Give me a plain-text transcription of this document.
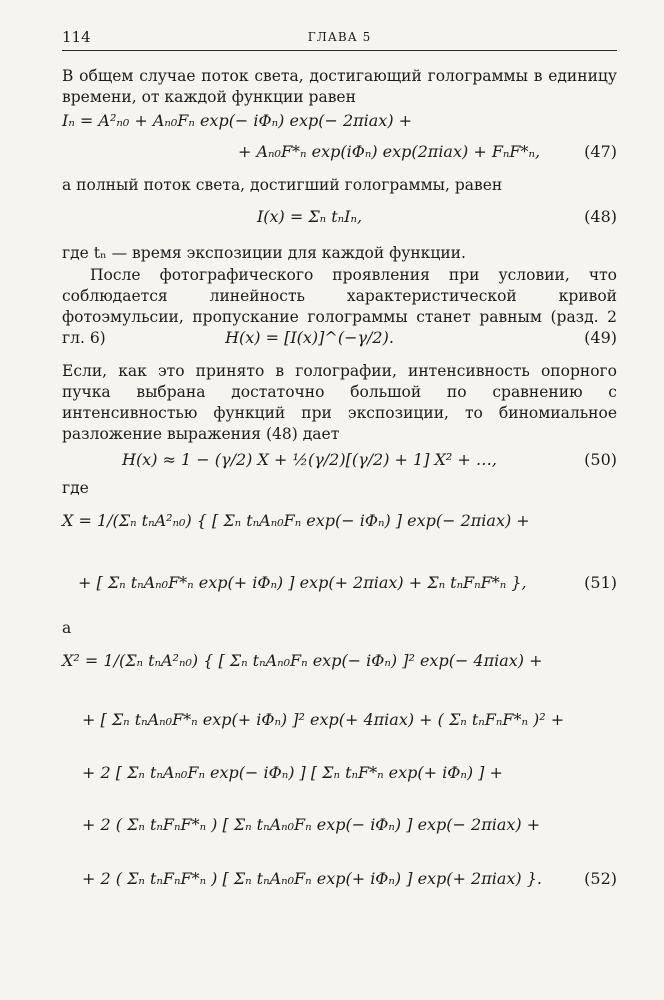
114	ГЛАВА 5
В общем случае поток света, достигающий голограммы в единицу времени, от каждой функции равен
Iₙ = A²ₙ₀ + Aₙ₀Fₙ exp(− iΦₙ) exp(− 2πiax) +
+ Aₙ₀F*ₙ exp(iΦₙ) exp(2πiax) + FₙF*ₙ,	(47)
а полный поток света, достигший голограммы, равен
I(x) = Σₙ tₙIₙ,	(48)
где tₙ — время экспозиции для каждой функции.
После фотографического проявления при условии, что соблюдается линейность характеристической кривой фотоэмульсии, пропускание голограммы станет равным (разд. 2 гл. 6)	H(x) = [I(x)]^(−γ/2).	(49)
Если, как это принято в голографии, интенсивность опорного пучка выбрана достаточно большой по сравнению с интенсивностью функций при экспозиции, то биномиальное разложение выражения (48) дает
H(x) ≈ 1 − (γ/2) X + ½(γ/2)[(γ/2) + 1] X² + …,	(50)
где
X = 1/(Σₙ tₙA²ₙ₀) { [ Σₙ tₙAₙ₀Fₙ exp(− iΦₙ) ] exp(− 2πiax) +
+ [ Σₙ tₙAₙ₀F*ₙ exp(+ iΦₙ) ] exp(+ 2πiax) + Σₙ tₙFₙF*ₙ },	(51)
а
X² = 1/(Σₙ tₙA²ₙ₀) { [ Σₙ tₙAₙ₀Fₙ exp(− iΦₙ) ]² exp(− 4πiax) +
+ [ Σₙ tₙAₙ₀F*ₙ exp(+ iΦₙ) ]² exp(+ 4πiax) + ( Σₙ tₙFₙF*ₙ )² +
+ 2 [ Σₙ tₙAₙ₀Fₙ exp(− iΦₙ) ] [ Σₙ tₙF*ₙ exp(+ iΦₙ) ] +
+ 2 ( Σₙ tₙFₙF*ₙ ) [ Σₙ tₙAₙ₀Fₙ exp(− iΦₙ) ] exp(− 2πiax) +
+ 2 ( Σₙ tₙFₙF*ₙ ) [ Σₙ tₙAₙ₀Fₙ exp(+ iΦₙ) ] exp(+ 2πiax) }.	(52)
